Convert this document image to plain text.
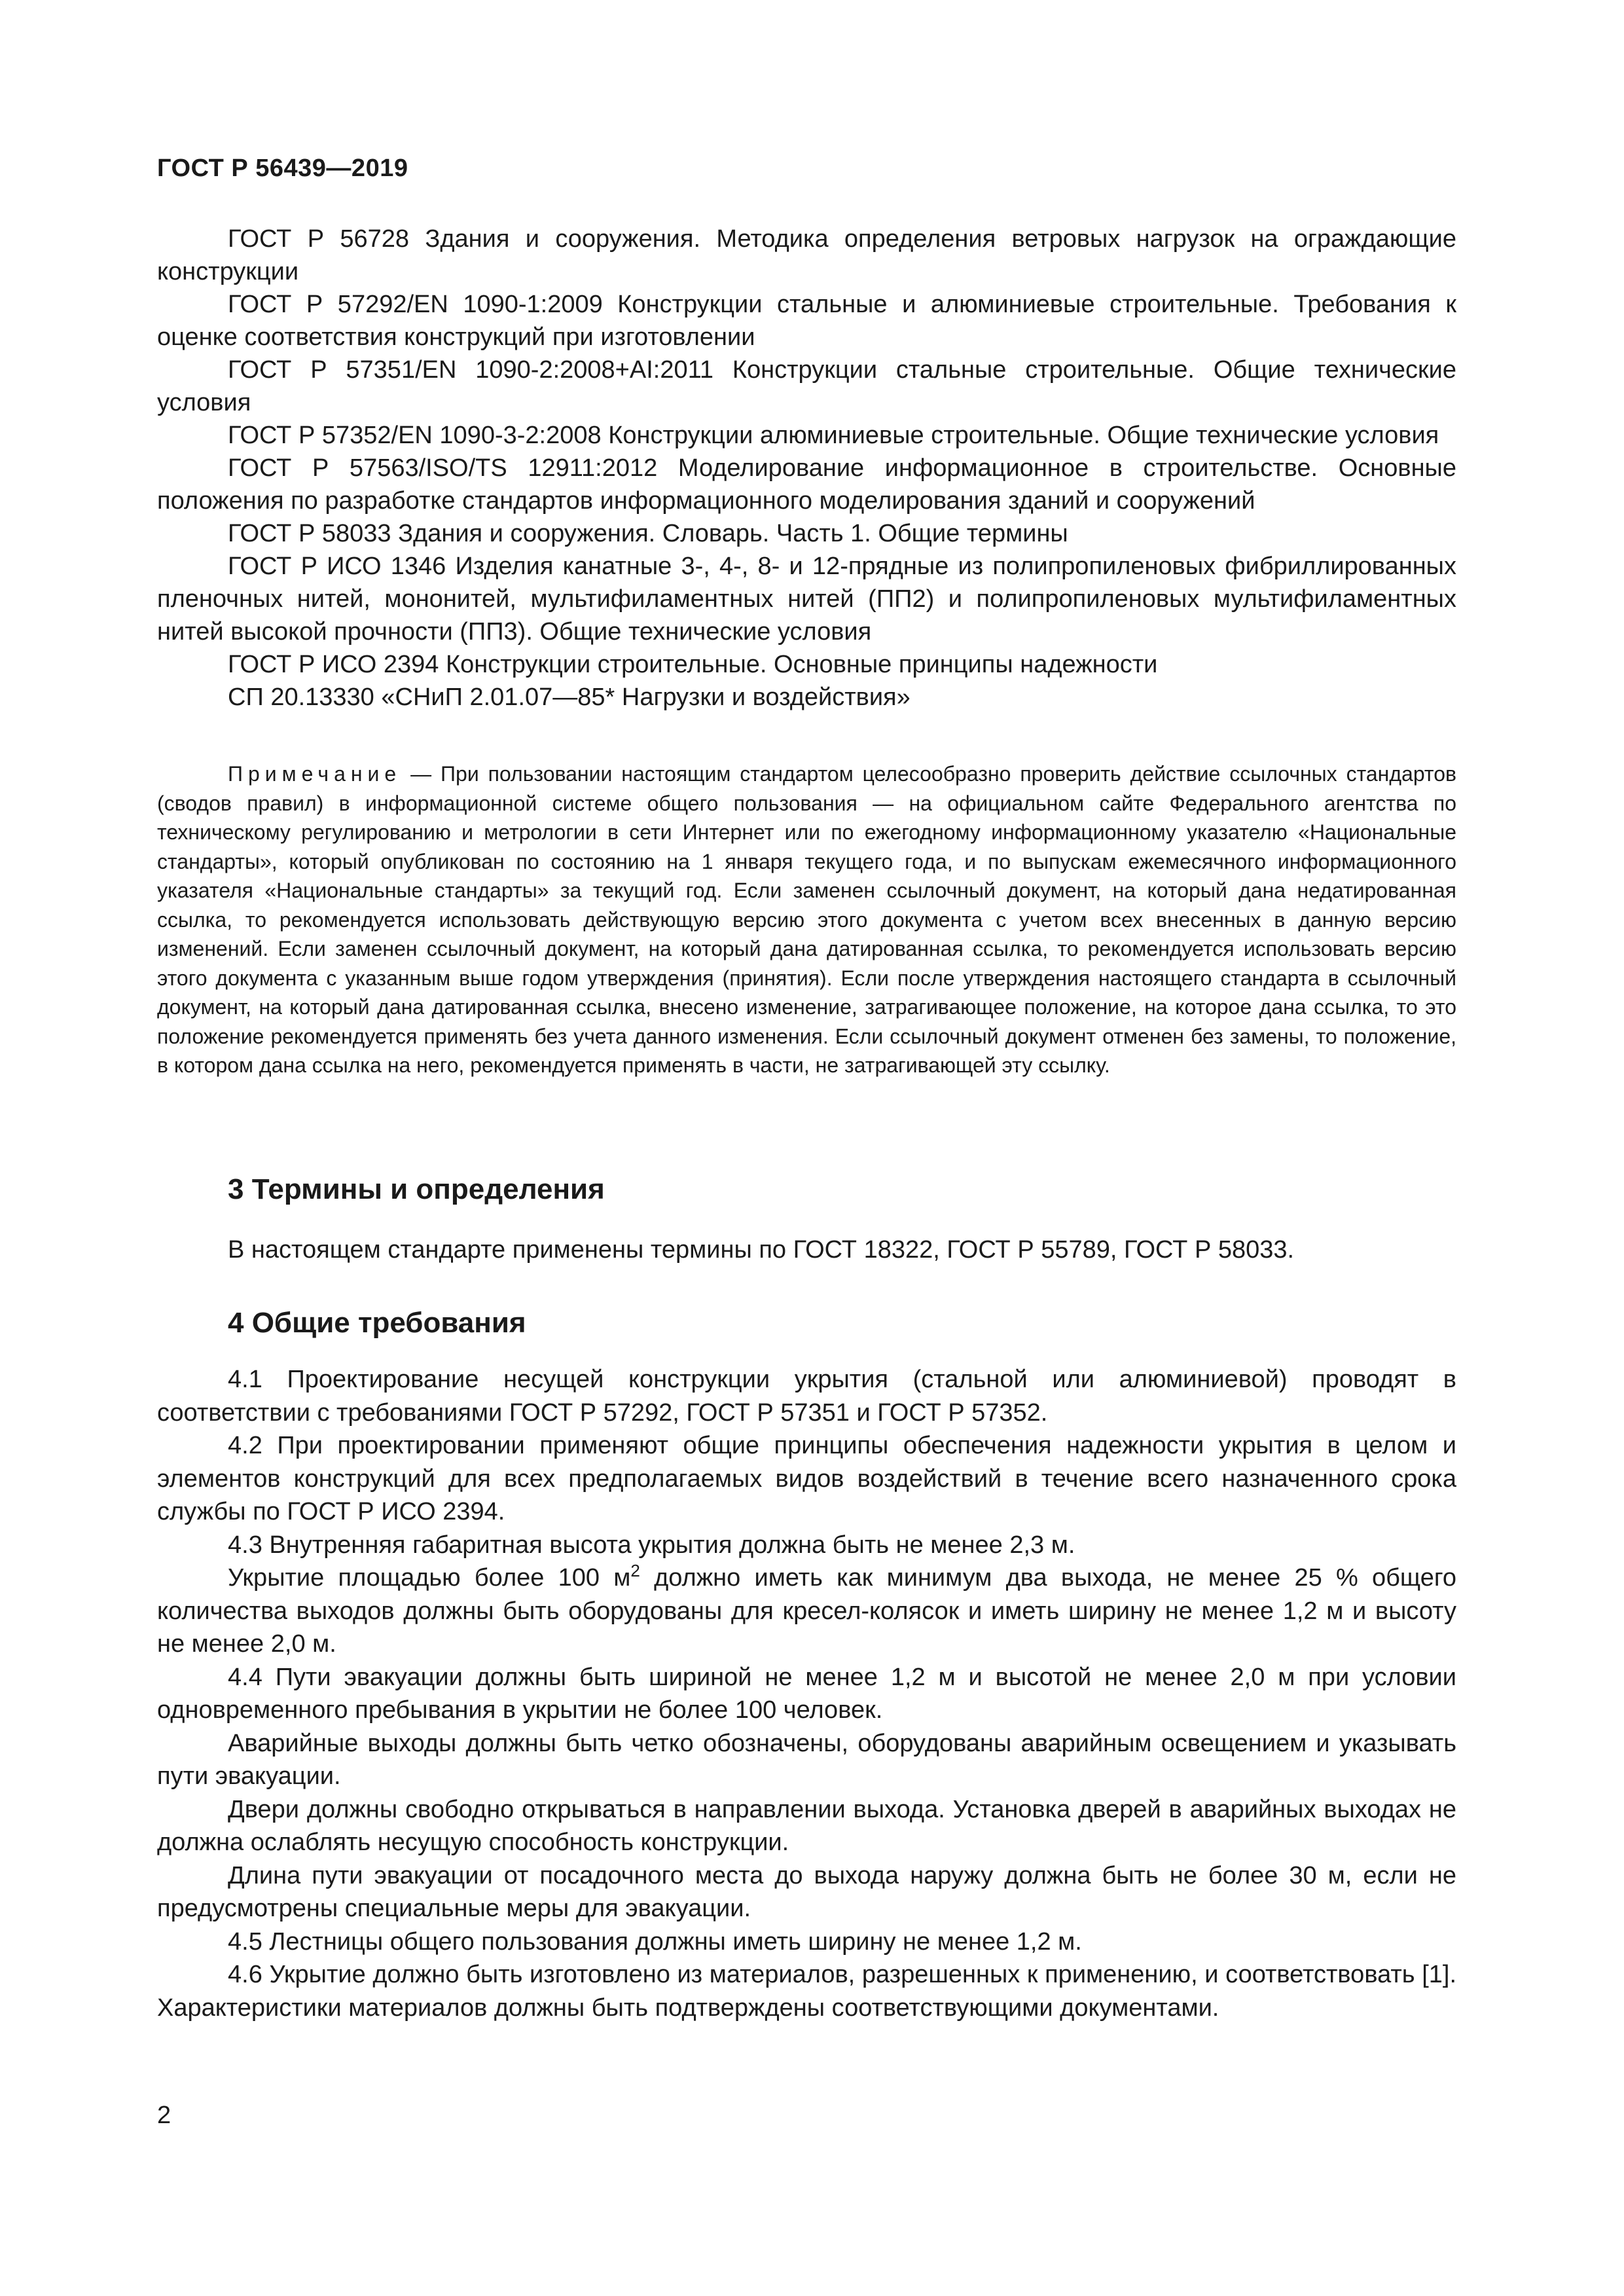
ГОСТ Р 56439—2019

ГОСТ Р 56728 Здания и сооружения. Методика определения ветровых нагрузок на ограждающие конструкции

ГОСТ Р 57292/EN 1090-1:2009 Конструкции стальные и алюминиевые строительные. Требования к оценке соответствия конструкций при изготовлении

ГОСТ Р 57351/EN 1090-2:2008+AI:2011 Конструкции стальные строительные. Общие технические условия

ГОСТ Р 57352/EN 1090-3-2:2008 Конструкции алюминиевые строительные. Общие технические условия

ГОСТ Р 57563/ISO/TS 12911:2012 Моделирование информационное в строительстве. Основные положения по разработке стандартов информационного моделирования зданий и сооружений

ГОСТ Р 58033 Здания и сооружения. Словарь. Часть 1. Общие термины

ГОСТ Р ИСО 1346 Изделия канатные 3-, 4-, 8- и 12-прядные из полипропиленовых фибриллированных пленочных нитей, мононитей, мультифиламентных нитей (ПП2) и полипропиленовых мультифиламентных нитей высокой прочности (ПП3). Общие технические условия

ГОСТ Р ИСО 2394 Конструкции строительные. Основные принципы надежности

СП 20.13330 «СНиП 2.01.07—85* Нагрузки и воздействия»

Примечание — При пользовании настоящим стандартом целесообразно проверить действие ссылочных стандартов (сводов правил) в информационной системе общего пользования — на официальном сайте Федерального агентства по техническому регулированию и метрологии в сети Интернет или по ежегодному информационному указателю «Национальные стандарты», который опубликован по состоянию на 1 января текущего года, и по выпускам ежемесячного информационного указателя «Национальные стандарты» за текущий год. Если заменен ссылочный документ, на который дана недатированная ссылка, то рекомендуется использовать действующую версию этого документа с учетом всех внесенных в данную версию изменений. Если заменен ссылочный документ, на который дана датированная ссылка, то рекомендуется использовать версию этого документа с указанным выше годом утверждения (принятия). Если после утверждения настоящего стандарта в ссылочный документ, на который дана датированная ссылка, внесено изменение, затрагивающее положение, на которое дана ссылка, то это положение рекомендуется применять без учета данного изменения. Если ссылочный документ отменен без замены, то положение, в котором дана ссылка на него, рекомендуется применять в части, не затрагивающей эту ссылку.
3 Термины и определения
В настоящем стандарте применены термины по ГОСТ 18322, ГОСТ Р 55789, ГОСТ Р 58033.
4 Общие требования

4.1 Проектирование несущей конструкции укрытия (стальной или алюминиевой) проводят в соответствии с требованиями ГОСТ Р 57292, ГОСТ Р 57351 и ГОСТ Р 57352.

4.2 При проектировании применяют общие принципы обеспечения надежности укрытия в целом и элементов конструкций для всех предполагаемых видов воздействий в течение всего назначенного срока службы по ГОСТ Р ИСО 2394.

4.3 Внутренняя габаритная высота укрытия должна быть не менее 2,3 м.

Укрытие площадью более 100 $м^2$ должно иметь как минимум два выхода, не менее 25 % общего количества выходов должны быть оборудованы для кресел-колясок и иметь ширину не менее 1,2 м и высоту не менее 2,0 м.

4.4 Пути эвакуации должны быть шириной не менее 1,2 м и высотой не менее 2,0 м при условии одновременного пребывания в укрытии не более 100 человек.

Аварийные выходы должны быть четко обозначены, оборудованы аварийным освещением и указывать пути эвакуации.

Двери должны свободно открываться в направлении выхода. Установка дверей в аварийных выходах не должна ослаблять несущую способность конструкции.

Длина пути эвакуации от посадочного места до выхода наружу должна быть не более 30 м, если не предусмотрены специальные меры для эвакуации.

4.5 Лестницы общего пользования должны иметь ширину не менее 1,2 м.

4.6 Укрытие должно быть изготовлено из материалов, разрешенных к применению, и соответствовать [1]. Характеристики материалов должны быть подтверждены соответствующими документами.

2
